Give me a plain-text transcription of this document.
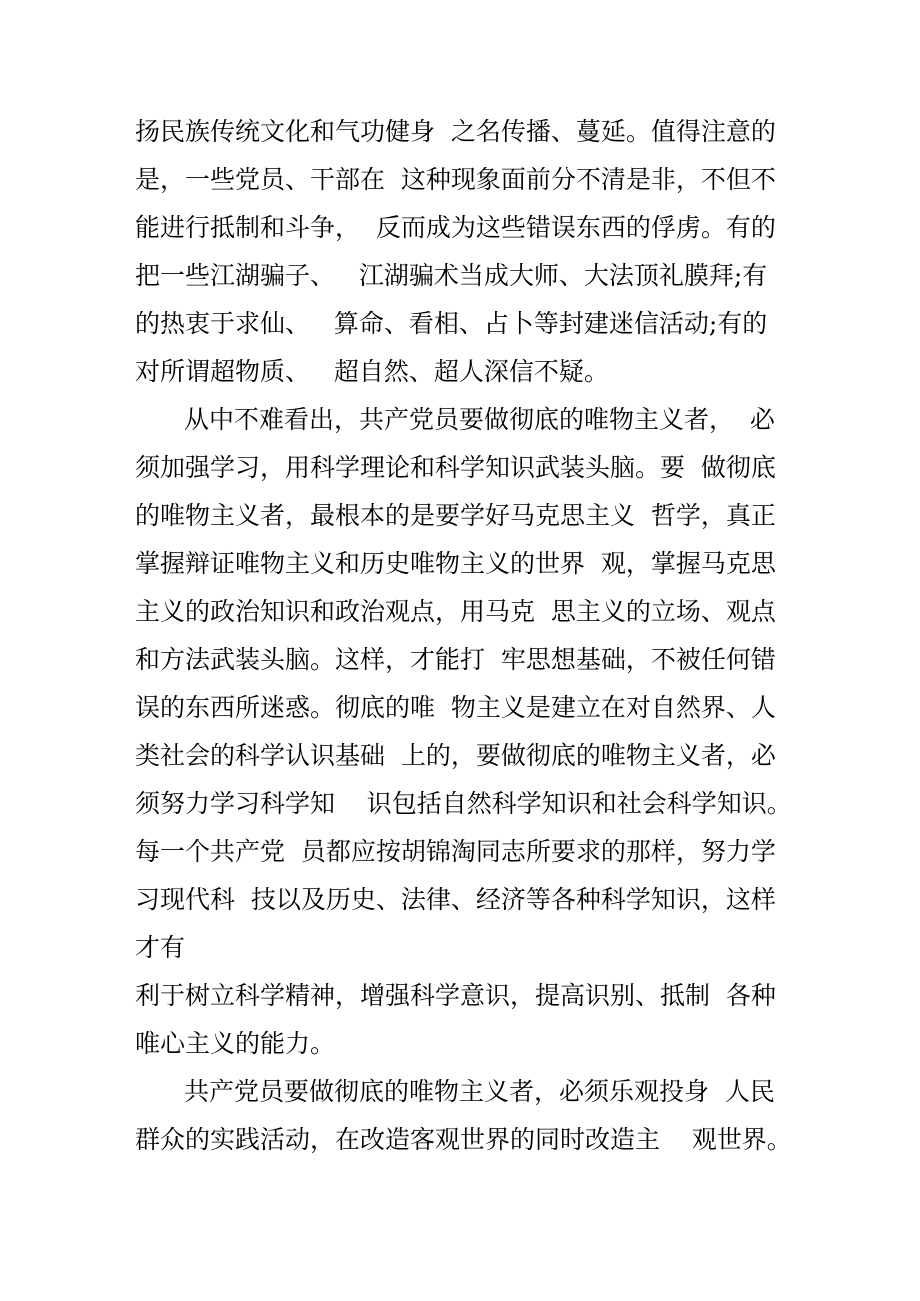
扬民族传统文化和气功健身  之名传播、蔓延。值得注意的
是，一些党员、干部在  这种现象面前分不清是非，不但不
能进行抵制和斗争，  反而成为这些错误东西的俘虏。有的
把一些江湖骗子、   江湖骗术当成大师、大法顶礼膜拜;有
的热衷于求仙、   算命、看相、占卜等封建迷信活动;有的
对所谓超物质、   超自然、超人深信不疑。
从中不难看出，共产党员要做彻底的唯物主义者，  必
须加强学习，用科学理论和科学知识武装头脑。要  做彻底
的唯物主义者，最根本的是要学好马克思主义  哲学，真正
掌握辩证唯物主义和历史唯物主义的世界  观，掌握马克思
主义的政治知识和政治观点，用马克  思主义的立场、观点
和方法武装头脑。这样，才能打  牢思想基础，不被任何错
误的东西所迷惑。彻底的唯  物主义是建立在对自然界、人
类社会的科学认识基础  上的，要做彻底的唯物主义者，必
须努力学习科学知    识包括自然科学知识和社会科学知识。
每一个共产党  员都应按胡锦淘同志所要求的那样，努力学
习现代科  技以及历史、法律、经济等各种科学知识，这样
才有
利于树立科学精神，增强科学意识，提高识别、抵制  各种
唯心主义的能力。
共产党员要做彻底的唯物主义者，必须乐观投身  人民
群众的实践活动，在改造客观世界的同时改造主    观世界。
